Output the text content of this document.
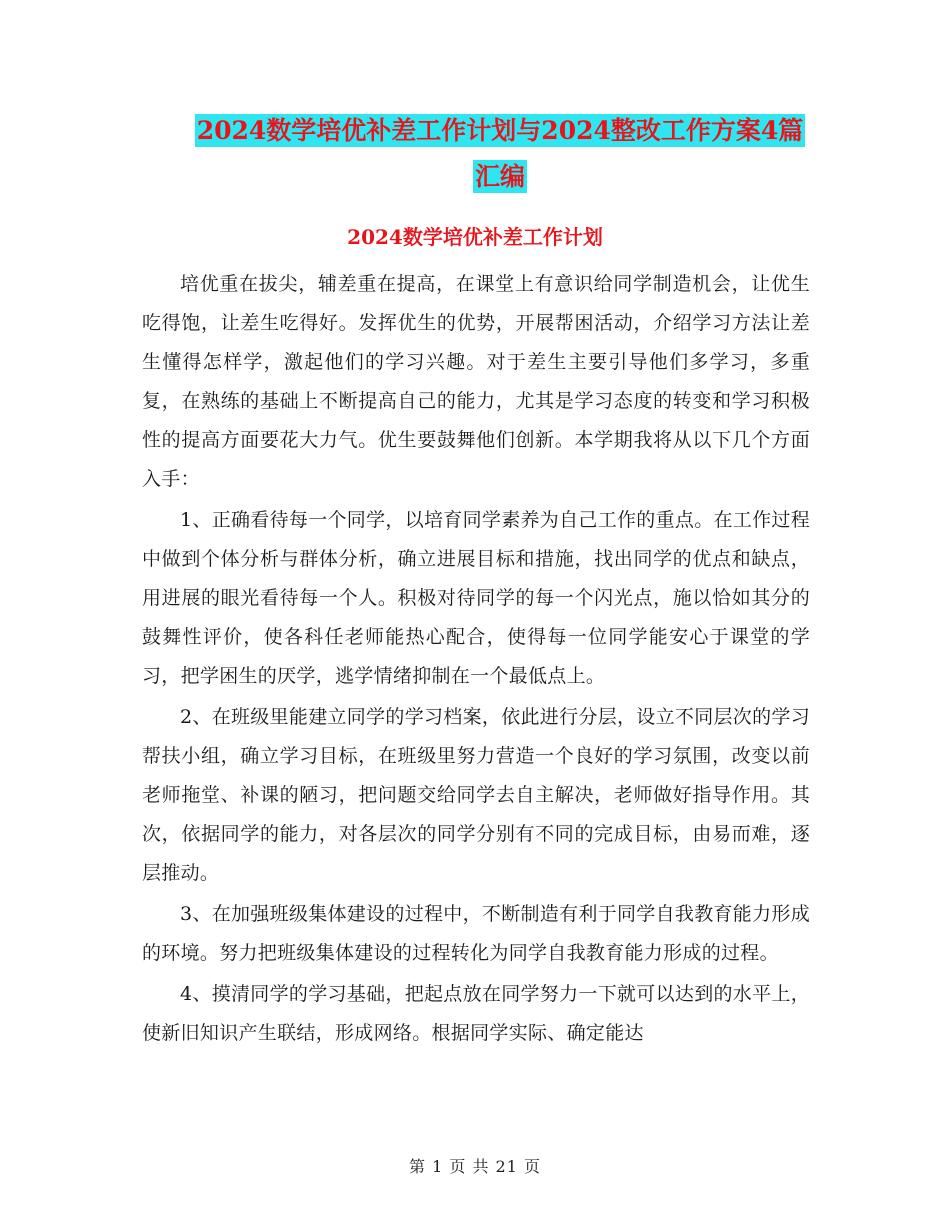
2024数学培优补差工作计划与2024整改工作方案4篇
汇编
2024数学培优补差工作计划

培优重在拔尖，辅差重在提高，在课堂上有意识给同学制造机会，让优生吃得饱，让差生吃得好。发挥优生的优势，开展帮困活动，介绍学习方法让差生懂得怎样学，激起他们的学习兴趣。对于差生主要引导他们多学习，多重复，在熟练的基础上不断提高自己的能力，尤其是学习态度的转变和学习积极性的提高方面要花大力气。优生要鼓舞他们创新。本学期我将从以下几个方面入手：

1、正确看待每一个同学，以培育同学素养为自己工作的重点。在工作过程中做到个体分析与群体分析，确立进展目标和措施，找出同学的优点和缺点，用进展的眼光看待每一个人。积极对待同学的每一个闪光点，施以恰如其分的鼓舞性评价，使各科任老师能热心配合，使得每一位同学能安心于课堂的学习，把学困生的厌学，逃学情绪抑制在一个最低点上。

2、在班级里能建立同学的学习档案，依此进行分层，设立不同层次的学习帮扶小组，确立学习目标，在班级里努力营造一个良好的学习氛围，改变以前老师拖堂、补课的陋习，把问题交给同学去自主解决，老师做好指导作用。其次，依据同学的能力，对各层次的同学分别有不同的完成目标，由易而难，逐层推动。

3、在加强班级集体建设的过程中，不断制造有利于同学自我教育能力形成的环境。努力把班级集体建设的过程转化为同学自我教育能力形成的过程。

4、摸清同学的学习基础，把起点放在同学努力一下就可以达到的水平上，使新旧知识产生联结，形成网络。根据同学实际、确定能达

第 1 页 共 21 页
